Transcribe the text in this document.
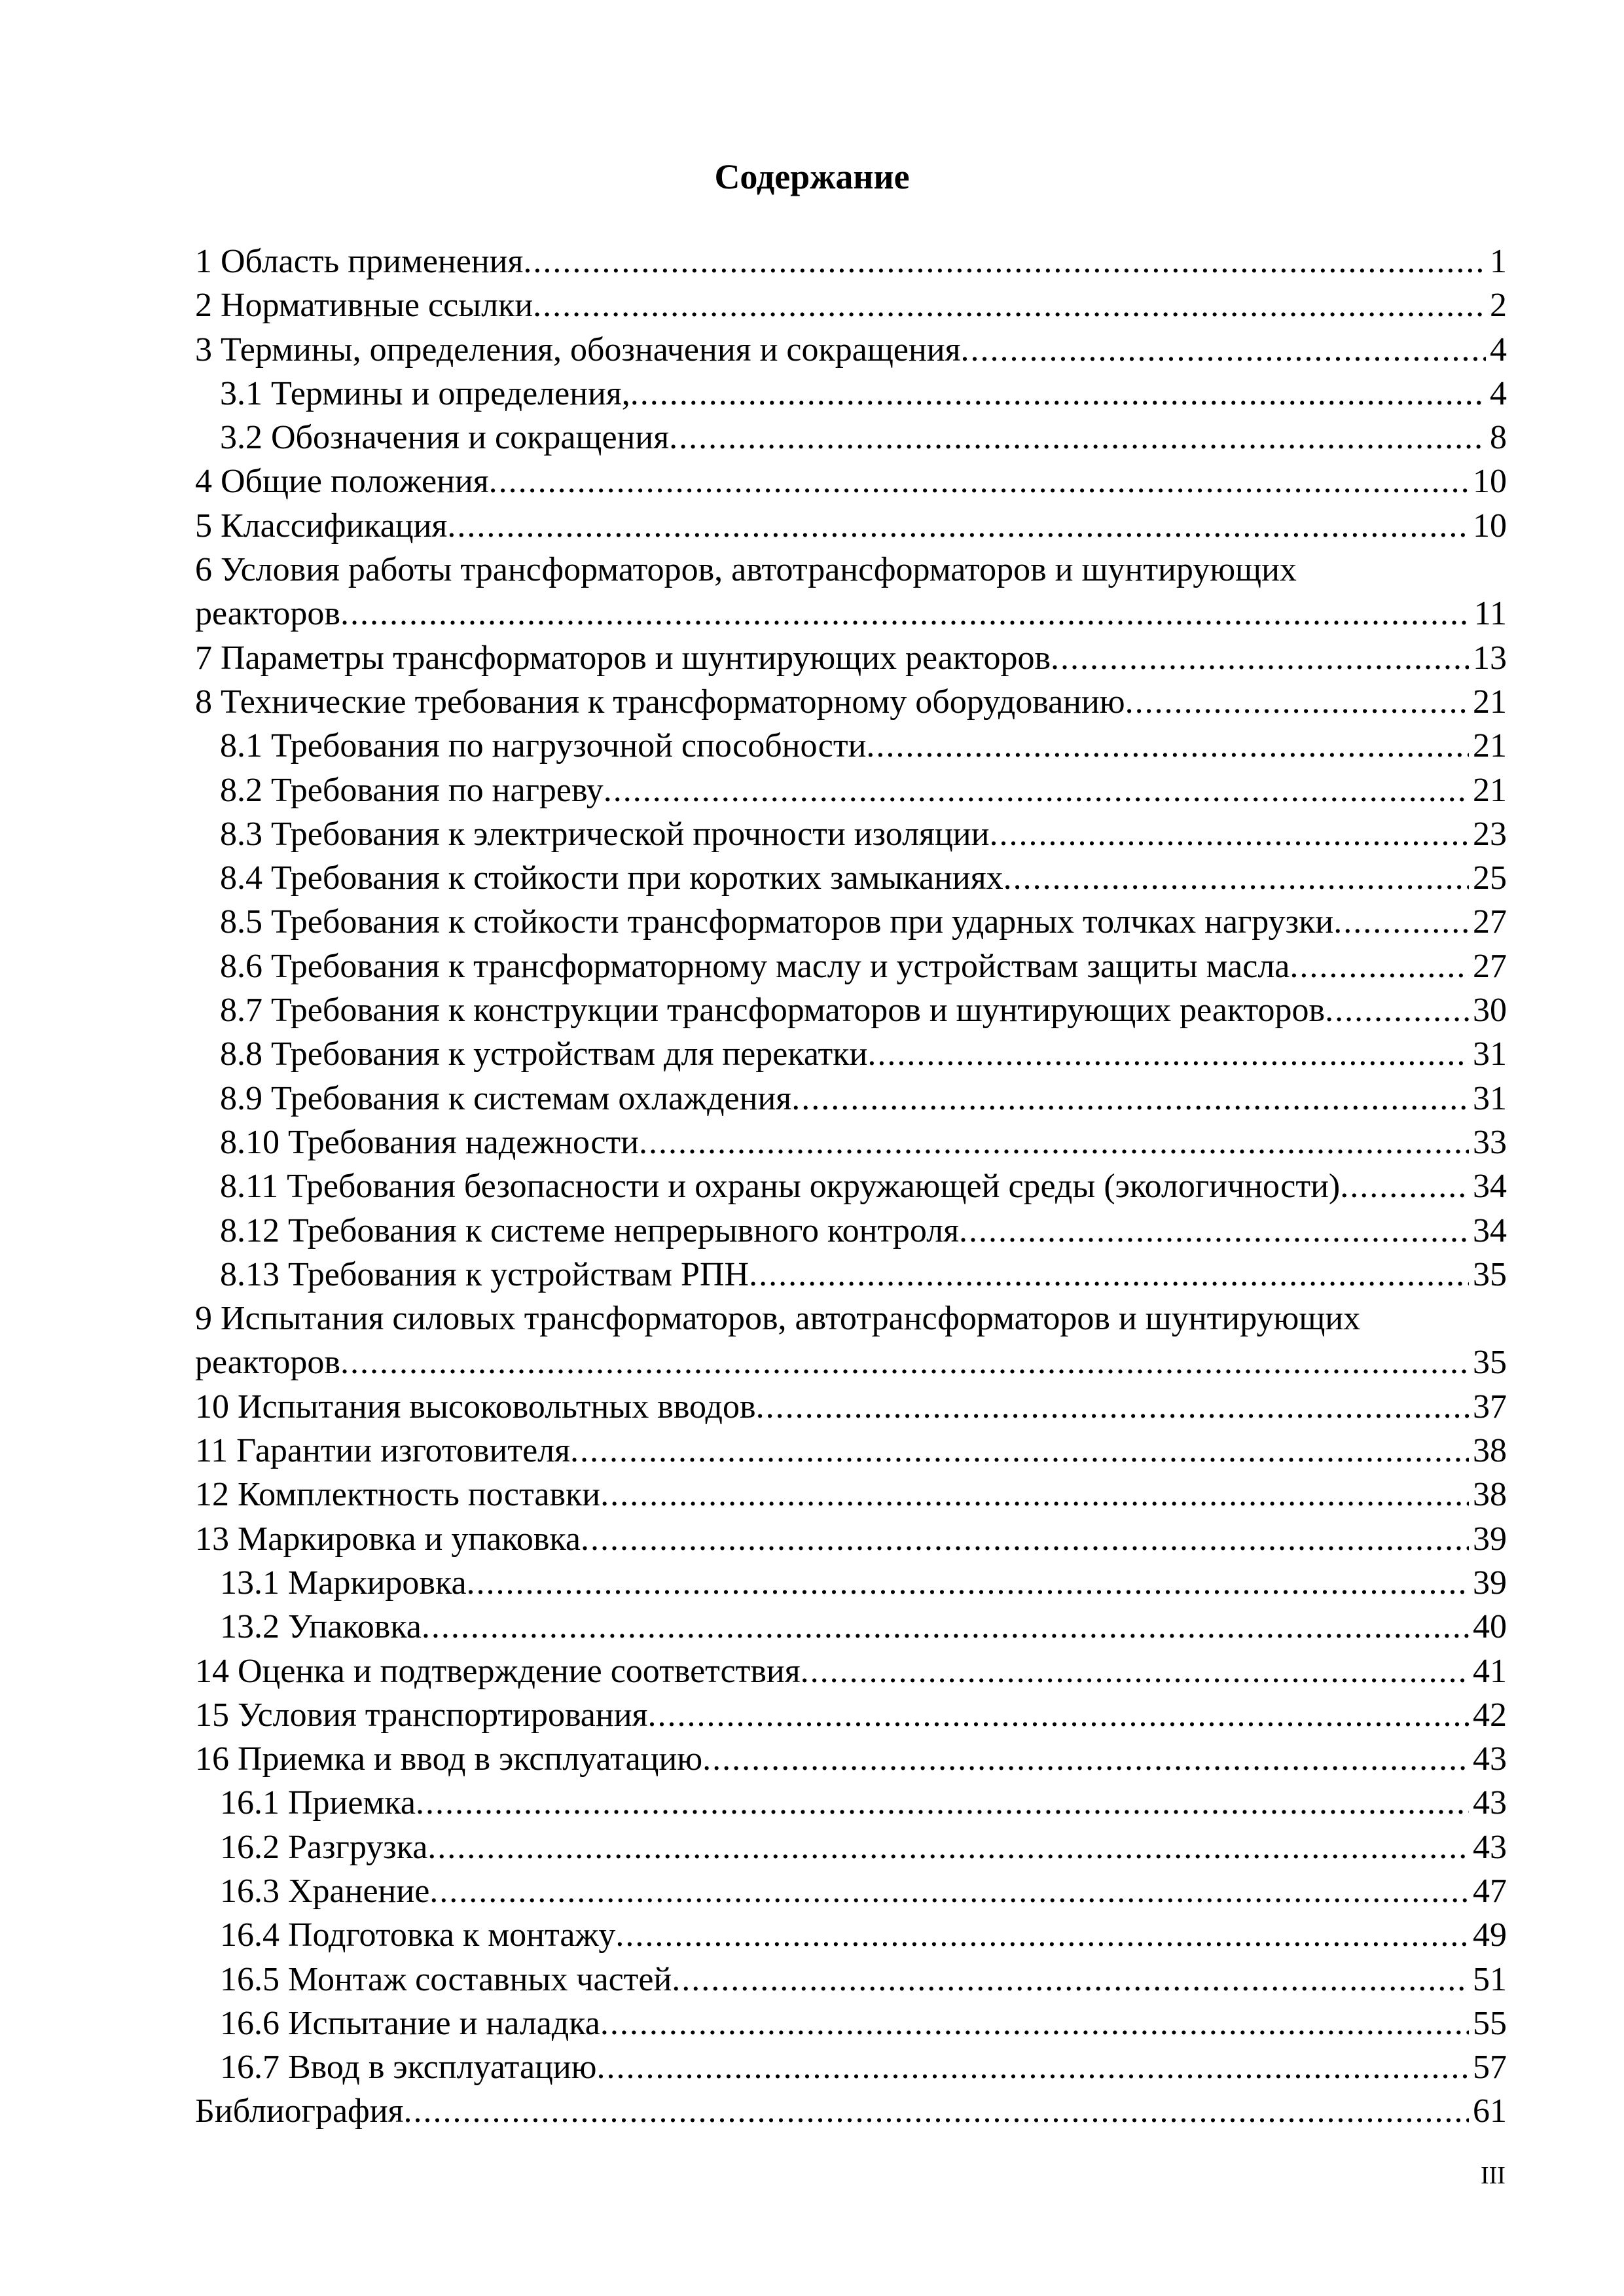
Содержание
1 Область применения .....	1
2 Нормативные ссылки .....	2
3 Термины, определения, обозначения и сокращения .....	4
3.1 Термины и определения, .....	4
3.2 Обозначения и сокращения .....	8
4 Общие положения .....	10
5 Классификация .....	10
6 Условия работы трансформаторов, автотрансформаторов и шунтирующих
реакторов .....	11
7 Параметры трансформаторов и шунтирующих реакторов .....	13
8 Технические требования к трансформаторному оборудованию .....	21
8.1 Требования по нагрузочной способности .....	21
8.2 Требования по нагреву .....	21
8.3 Требования к электрической прочности изоляции .....	23
8.4 Требования к стойкости при коротких замыканиях .....	25
8.5 Требования к стойкости трансформаторов при ударных толчках нагрузки .....	27
8.6 Требования к трансформаторному маслу и устройствам защиты масла .....	27
8.7 Требования к конструкции трансформаторов и шунтирующих реакторов .....	30
8.8 Требования к устройствам для перекатки .....	31
8.9 Требования к системам охлаждения .....	31
8.10 Требования надежности .....	33
8.11 Требования безопасности и охраны окружающей среды (экологичности) .....	34
8.12 Требования к системе непрерывного контроля .....	34
8.13 Требования к устройствам РПН .....	35
9 Испытания силовых трансформаторов, автотрансформаторов и шунтирующих
реакторов .....	35
10 Испытания высоковольтных вводов .....	37
11 Гарантии изготовителя .....	38
12 Комплектность поставки .....	38
13 Маркировка и упаковка .....	39
13.1 Маркировка .....	39
13.2 Упаковка .....	40
14 Оценка и подтверждение соответствия .....	41
15 Условия транспортирования .....	42
16 Приемка и ввод в эксплуатацию .....	43
16.1 Приемка .....	43
16.2 Разгрузка .....	43
16.3 Хранение .....	47
16.4 Подготовка к монтажу .....	49
16.5 Монтаж составных частей .....	51
16.6 Испытание и наладка .....	55
16.7 Ввод в эксплуатацию .....	57
Библиография .....	61
III
